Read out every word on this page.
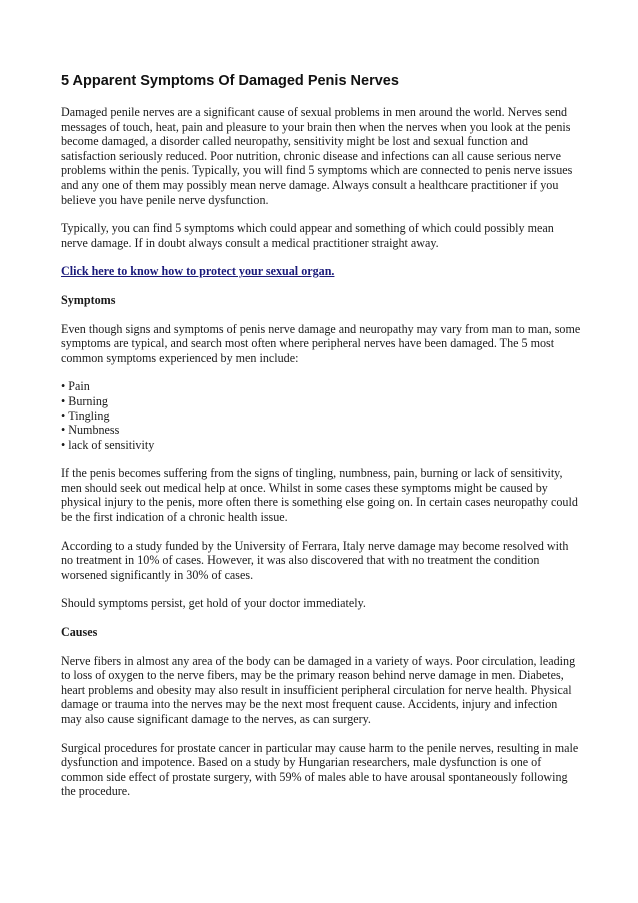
5 Apparent Symptoms Of Damaged Penis Nerves

Damaged penile nerves are a significant cause of sexual problems in men around the world. Nerves send messages of touch, heat, pain and pleasure to your brain then when the nerves when you look at the penis become damaged, a disorder called neuropathy, sensitivity might be lost and sexual function and satisfaction seriously reduced. Poor nutrition, chronic disease and infections can all cause serious nerve problems within the penis. Typically, you will find 5 symptoms which are connected to penis nerve issues and any one of them may possibly mean nerve damage. Always consult a healthcare practitioner if you believe you have penile nerve dysfunction.

Typically, you can find 5 symptoms which could appear and something of which could possibly mean nerve damage. If in doubt always consult a medical practitioner straight away.

Click here to know how to protect your sexual organ.

Symptoms

Even though signs and symptoms of penis nerve damage and neuropathy may vary from man to man, some symptoms are typical, and search most often where peripheral nerves have been damaged. The 5 most common symptoms experienced by men include:

• Pain
• Burning
• Tingling
• Numbness
• lack of sensitivity

If the penis becomes suffering from the signs of tingling, numbness, pain, burning or lack of sensitivity, men should seek out medical help at once. Whilst in some cases these symptoms might be caused by physical injury to the penis, more often there is something else going on. In certain cases neuropathy could be the first indication of a chronic health issue.

According to a study funded by the University of Ferrara, Italy nerve damage may become resolved with no treatment in 10% of cases. However, it was also discovered that with no treatment the condition worsened significantly in 30% of cases.

Should symptoms persist, get hold of your doctor immediately.

Causes

Nerve fibers in almost any area of the body can be damaged in a variety of ways. Poor circulation, leading to loss of oxygen to the nerve fibers, may be the primary reason behind nerve damage in men. Diabetes, heart problems and obesity may also result in insufficient peripheral circulation for nerve health. Physical damage or trauma into the nerves may be the next most frequent cause. Accidents, injury and infection may also cause significant damage to the nerves, as can surgery.

Surgical procedures for prostate cancer in particular may cause harm to the penile nerves, resulting in male dysfunction and impotence. Based on a study by Hungarian researchers, male dysfunction is one of common side effect of prostate surgery, with 59% of males able to have arousal spontaneously following the procedure.
